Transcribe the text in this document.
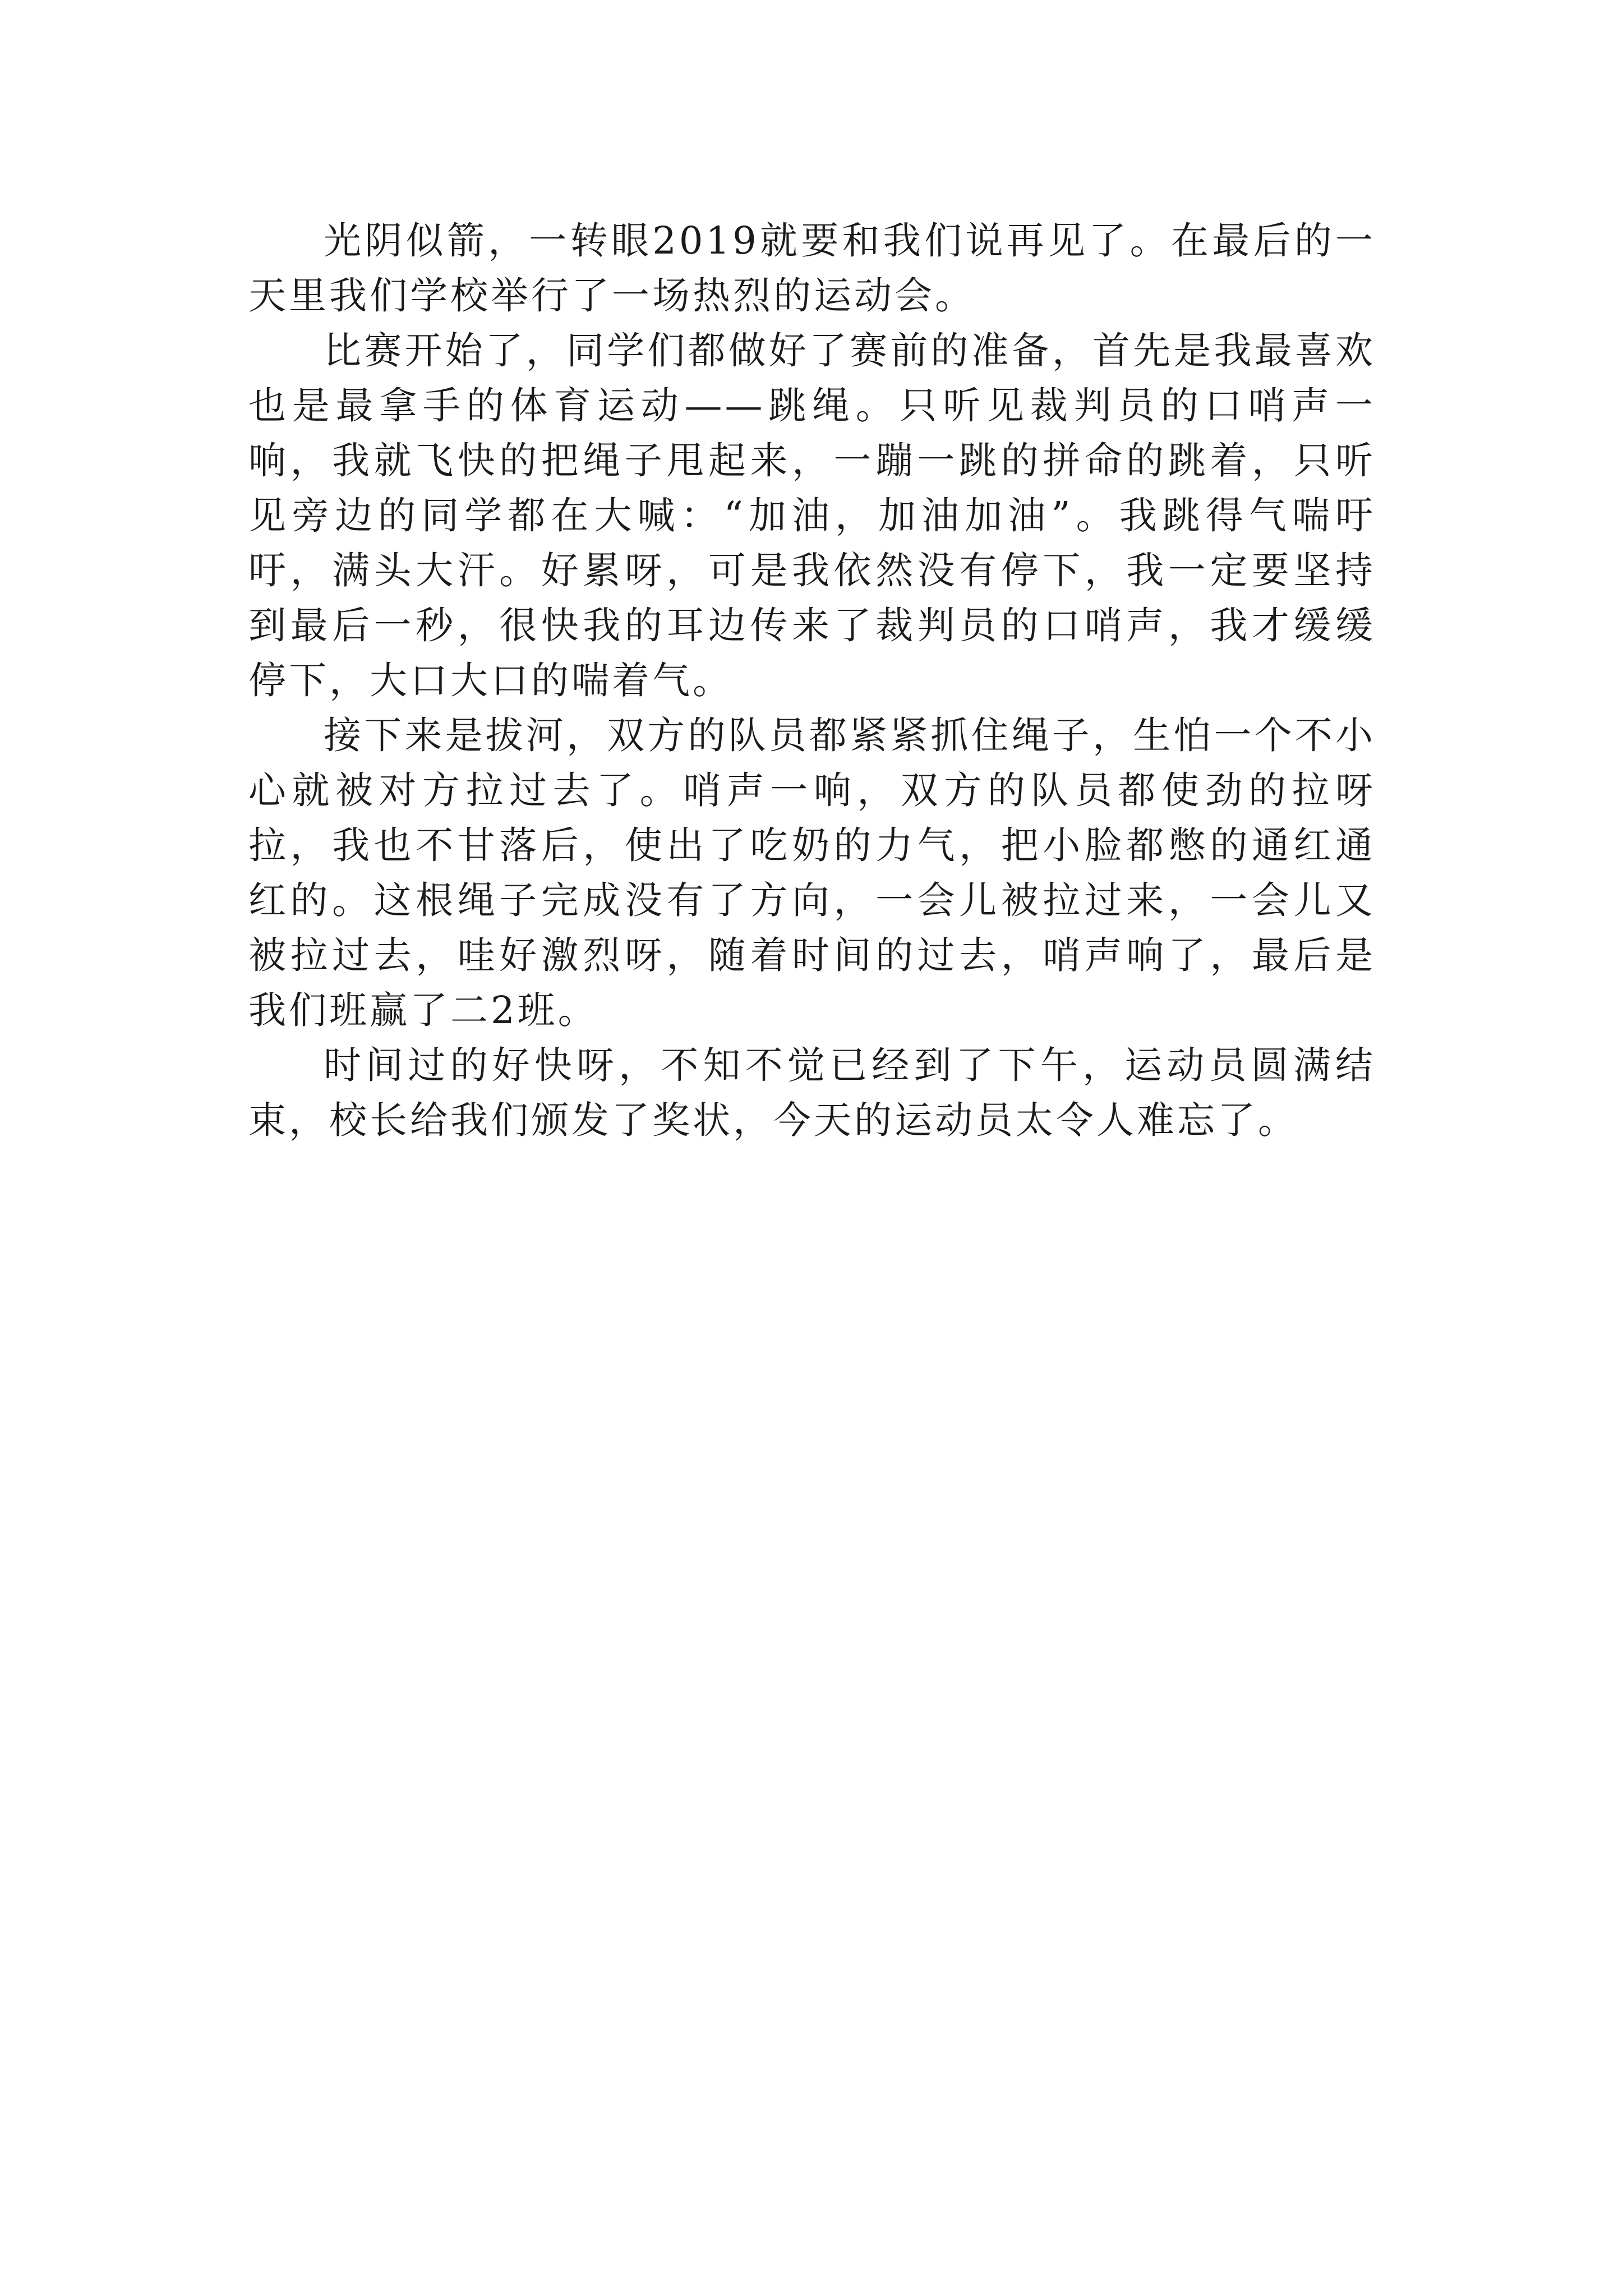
光阴似箭，一转眼2019就要和我们说再见了。在最后的一天里我们学校举行了一场热烈的运动会。

比赛开始了，同学们都做好了赛前的准备，首先是我最喜欢也是最拿手的体育运动——跳绳。只听见裁判员的口哨声一响，我就飞快的把绳子甩起来，一蹦一跳的拼命的跳着，只听见旁边的同学都在大喊：“加油，加油加油”。我跳得气喘吁吁，满头大汗。好累呀，可是我依然没有停下，我一定要坚持到最后一秒，很快我的耳边传来了裁判员的口哨声，我才缓缓停下，大口大口的喘着气。

接下来是拔河，双方的队员都紧紧抓住绳子，生怕一个不小心就被对方拉过去了。哨声一响，双方的队员都使劲的拉呀拉，我也不甘落后，使出了吃奶的力气，把小脸都憋的通红通红的。这根绳子完成没有了方向，一会儿被拉过来，一会儿又被拉过去，哇好激烈呀，随着时间的过去，哨声响了，最后是我们班赢了二2班。

时间过的好快呀，不知不觉已经到了下午，运动员圆满结束，校长给我们颁发了奖状，今天的运动员太令人难忘了。
